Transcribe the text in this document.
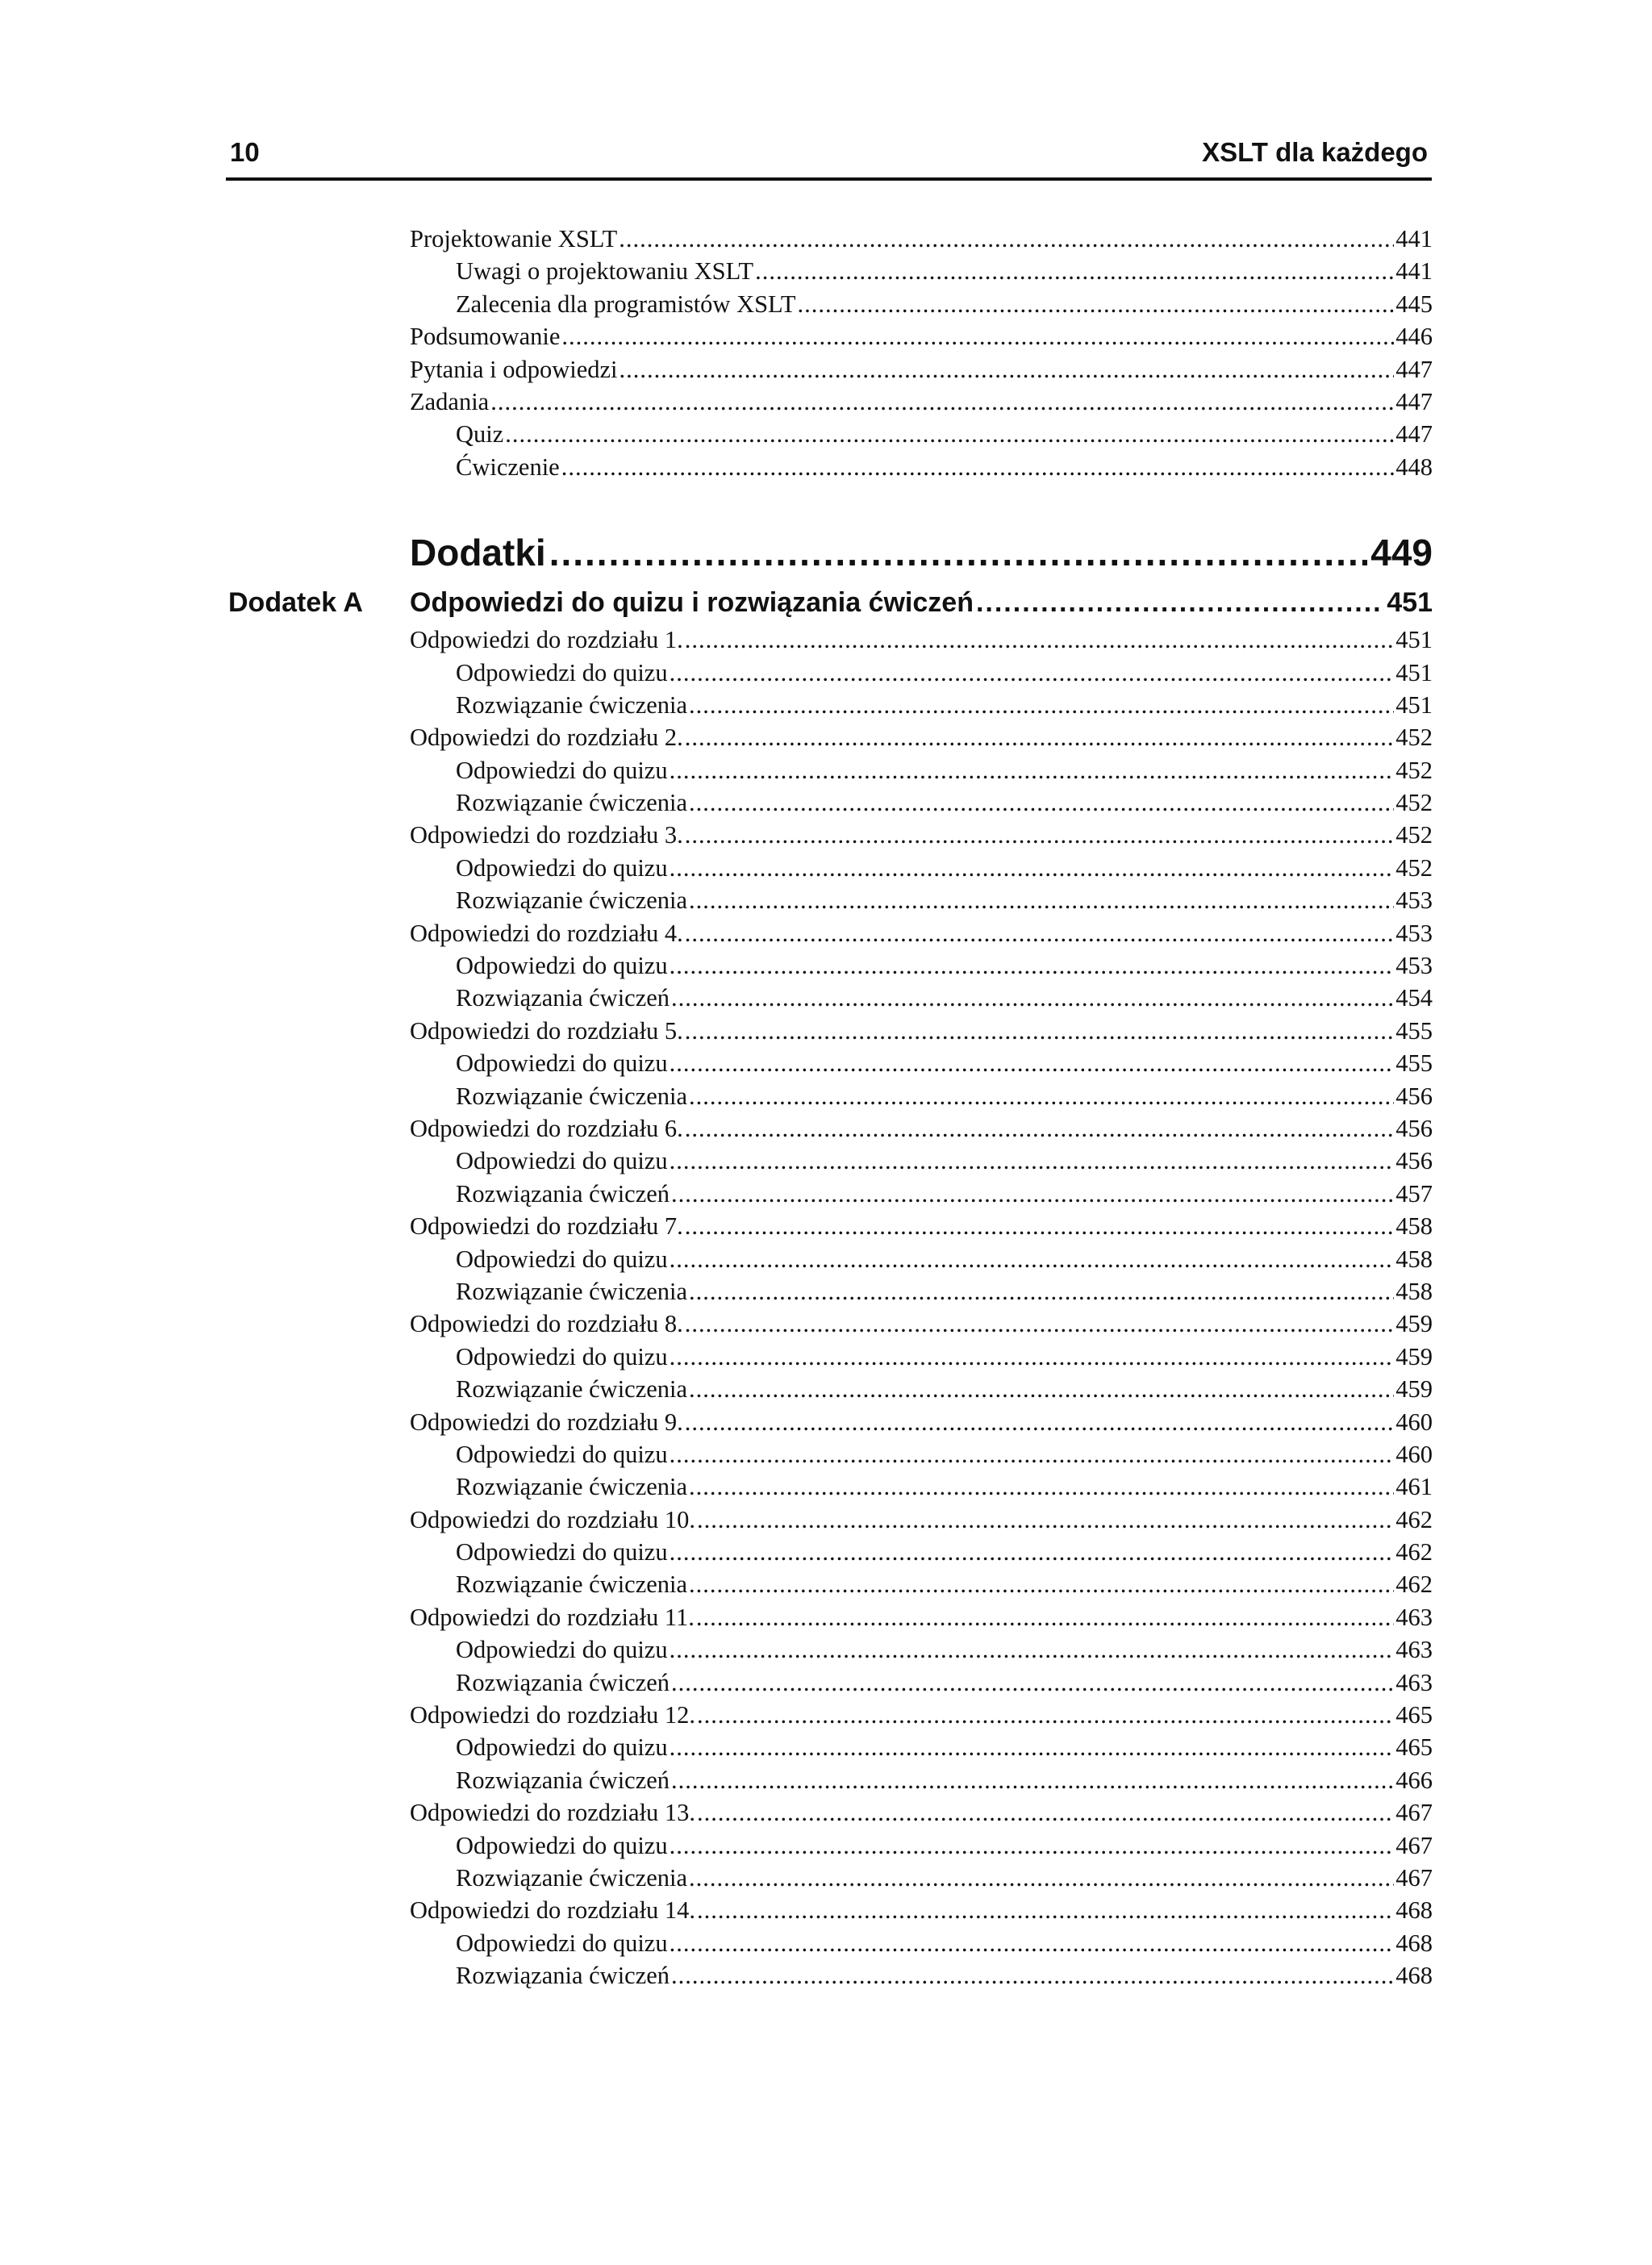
10	XSLT dla każdego
Projektowanie XSLT .....	441
Uwagi o projektowaniu XSLT .....	441
Zalecenia dla programistów XSLT .....	445
Podsumowanie .....	446
Pytania i odpowiedzi .....	447
Zadania .....	447
Quiz .....	447
Ćwiczenie .....	448
Dodatki .....	449
Dodatek A Odpowiedzi do quizu i rozwiązania ćwiczeń .....	451
Odpowiedzi do rozdziału 1. .....	451
Odpowiedzi do quizu .....	451
Rozwiązanie ćwiczenia .....	451
Odpowiedzi do rozdziału 2. .....	452
Odpowiedzi do quizu .....	452
Rozwiązanie ćwiczenia .....	452
Odpowiedzi do rozdziału 3. .....	452
Odpowiedzi do quizu .....	452
Rozwiązanie ćwiczenia .....	453
Odpowiedzi do rozdziału 4. .....	453
Odpowiedzi do quizu .....	453
Rozwiązania ćwiczeń .....	454
Odpowiedzi do rozdziału 5. .....	455
Odpowiedzi do quizu .....	455
Rozwiązanie ćwiczenia .....	456
Odpowiedzi do rozdziału 6. .....	456
Odpowiedzi do quizu .....	456
Rozwiązania ćwiczeń .....	457
Odpowiedzi do rozdziału 7. .....	458
Odpowiedzi do quizu .....	458
Rozwiązanie ćwiczenia .....	458
Odpowiedzi do rozdziału 8. .....	459
Odpowiedzi do quizu .....	459
Rozwiązanie ćwiczenia .....	459
Odpowiedzi do rozdziału 9. .....	460
Odpowiedzi do quizu .....	460
Rozwiązanie ćwiczenia .....	461
Odpowiedzi do rozdziału 10. .....	462
Odpowiedzi do quizu .....	462
Rozwiązanie ćwiczenia .....	462
Odpowiedzi do rozdziału 11. .....	463
Odpowiedzi do quizu .....	463
Rozwiązania ćwiczeń .....	463
Odpowiedzi do rozdziału 12. .....	465
Odpowiedzi do quizu .....	465
Rozwiązania ćwiczeń .....	466
Odpowiedzi do rozdziału 13. .....	467
Odpowiedzi do quizu .....	467
Rozwiązanie ćwiczenia .....	467
Odpowiedzi do rozdziału 14. .....	468
Odpowiedzi do quizu .....	468
Rozwiązania ćwiczeń .....	468
